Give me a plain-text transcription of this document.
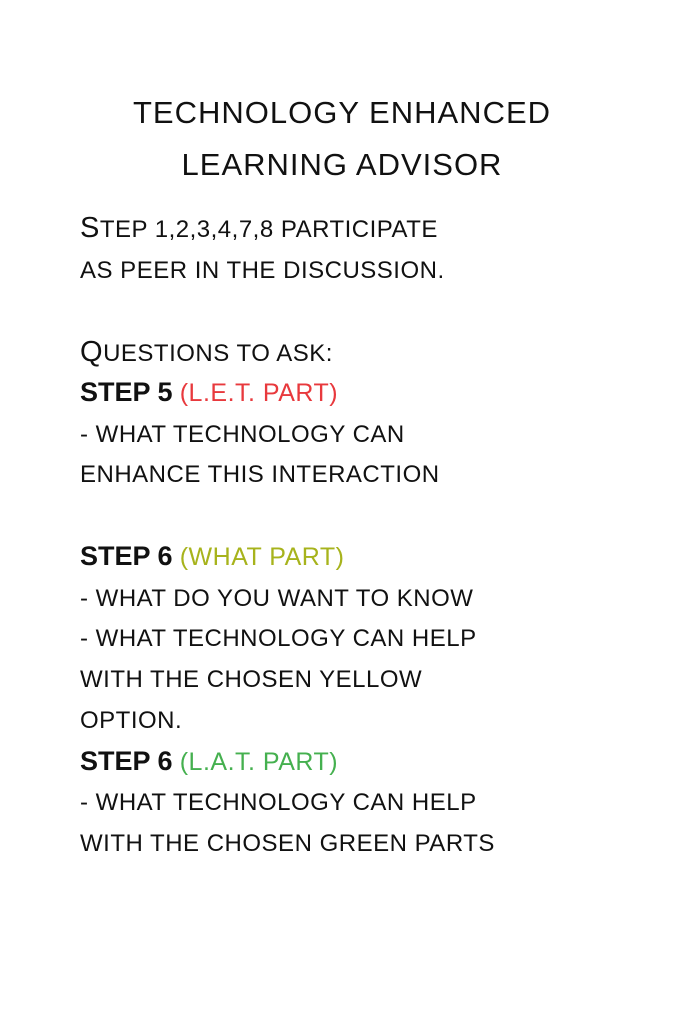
TECHNOLOGY ENHANCED
LEARNING ADVISOR
STEP 1,2,3,4,7,8 PARTICIPATE
AS PEER IN THE DISCUSSION.
QUESTIONS TO ASK:
STEP 5 (L.E.T. PART)
- WHAT TECHNOLOGY CAN
ENHANCE THIS INTERACTION
STEP 6 (WHAT PART)
- WHAT DO YOU WANT TO KNOW
- WHAT TECHNOLOGY CAN HELP
WITH THE CHOSEN YELLOW
OPTION.
STEP 6 (L.A.T. PART)
- WHAT TECHNOLOGY CAN HELP
WITH THE CHOSEN GREEN PARTS
